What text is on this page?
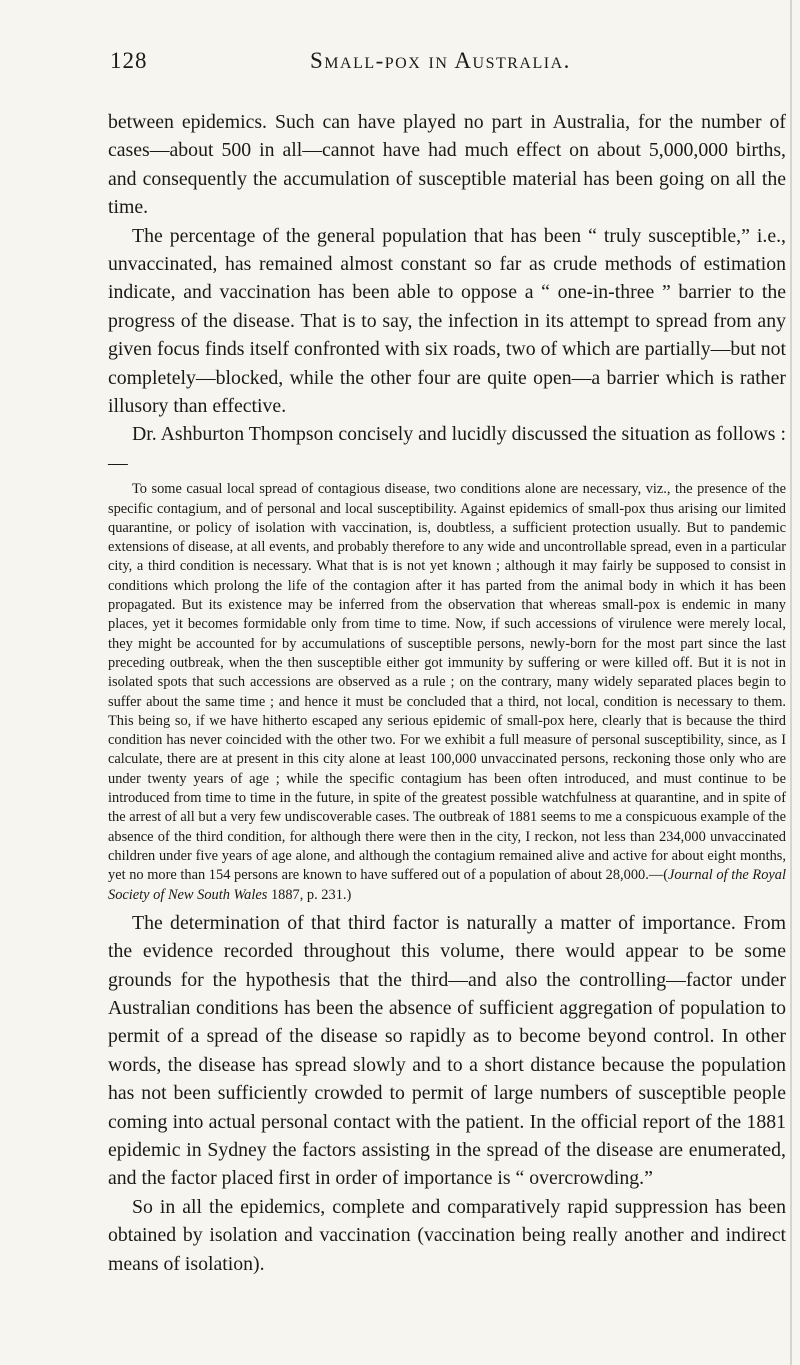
128	Small-pox in Australia.

between epidemics. Such can have played no part in Australia, for the number of cases—about 500 in all—cannot have had much effect on about 5,000,000 births, and consequently the accumulation of susceptible material has been going on all the time.

The percentage of the general population that has been “ truly susceptible,” i.e., unvaccinated, has remained almost constant so far as crude methods of estimation indicate, and vaccination has been able to oppose a “ one-in-three ” barrier to the progress of the disease. That is to say, the infection in its attempt to spread from any given focus finds itself confronted with six roads, two of which are partially—but not completely—blocked, while the other four are quite open—a barrier which is rather illusory than effective.

Dr. Ashburton Thompson concisely and lucidly discussed the situation as follows :—

To some casual local spread of contagious disease, two conditions alone are necessary, viz., the presence of the specific contagium, and of personal and local susceptibility. Against epidemics of small-pox thus arising our limited quarantine, or policy of isolation with vaccination, is, doubtless, a sufficient protection usually. But to pandemic extensions of disease, at all events, and probably therefore to any wide and uncontrollable spread, even in a particular city, a third condition is necessary. What that is is not yet known ; although it may fairly be supposed to consist in conditions which prolong the life of the contagion after it has parted from the animal body in which it has been propagated. But its existence may be inferred from the observation that whereas small-pox is endemic in many places, yet it becomes formidable only from time to time. Now, if such accessions of virulence were merely local, they might be accounted for by accumulations of susceptible persons, newly-born for the most part since the last preceding outbreak, when the then susceptible either got immunity by suffering or were killed off. But it is not in isolated spots that such accessions are observed as a rule ; on the contrary, many widely separated places begin to suffer about the same time ; and hence it must be concluded that a third, not local, condition is necessary to them. This being so, if we have hitherto escaped any serious epidemic of small-pox here, clearly that is because the third condition has never coincided with the other two. For we exhibit a full measure of personal susceptibility, since, as I calculate, there are at present in this city alone at least 100,000 unvaccinated persons, reckoning those only who are under twenty years of age ; while the specific contagium has been often introduced, and must continue to be introduced from time to time in the future, in spite of the greatest possible watchfulness at quarantine, and in spite of the arrest of all but a very few undiscoverable cases. The outbreak of 1881 seems to me a conspicuous example of the absence of the third condition, for although there were then in the city, I reckon, not less than 234,000 unvaccinated children under five years of age alone, and although the contagium remained alive and active for about eight months, yet no more than 154 persons are known to have suffered out of a population of about 28,000.—(Journal of the Royal Society of New South Wales 1887, p. 231.)

The determination of that third factor is naturally a matter of importance. From the evidence recorded throughout this volume, there would appear to be some grounds for the hypothesis that the third—and also the controlling—factor under Australian conditions has been the absence of sufficient aggregation of population to permit of a spread of the disease so rapidly as to become beyond control. In other words, the disease has spread slowly and to a short distance because the population has not been sufficiently crowded to permit of large numbers of susceptible people coming into actual personal contact with the patient. In the official report of the 1881 epidemic in Sydney the factors assisting in the spread of the disease are enumerated, and the factor placed first in order of importance is “ overcrowding.”

So in all the epidemics, complete and comparatively rapid suppression has been obtained by isolation and vaccination (vaccination being really another and indirect means of isolation).
